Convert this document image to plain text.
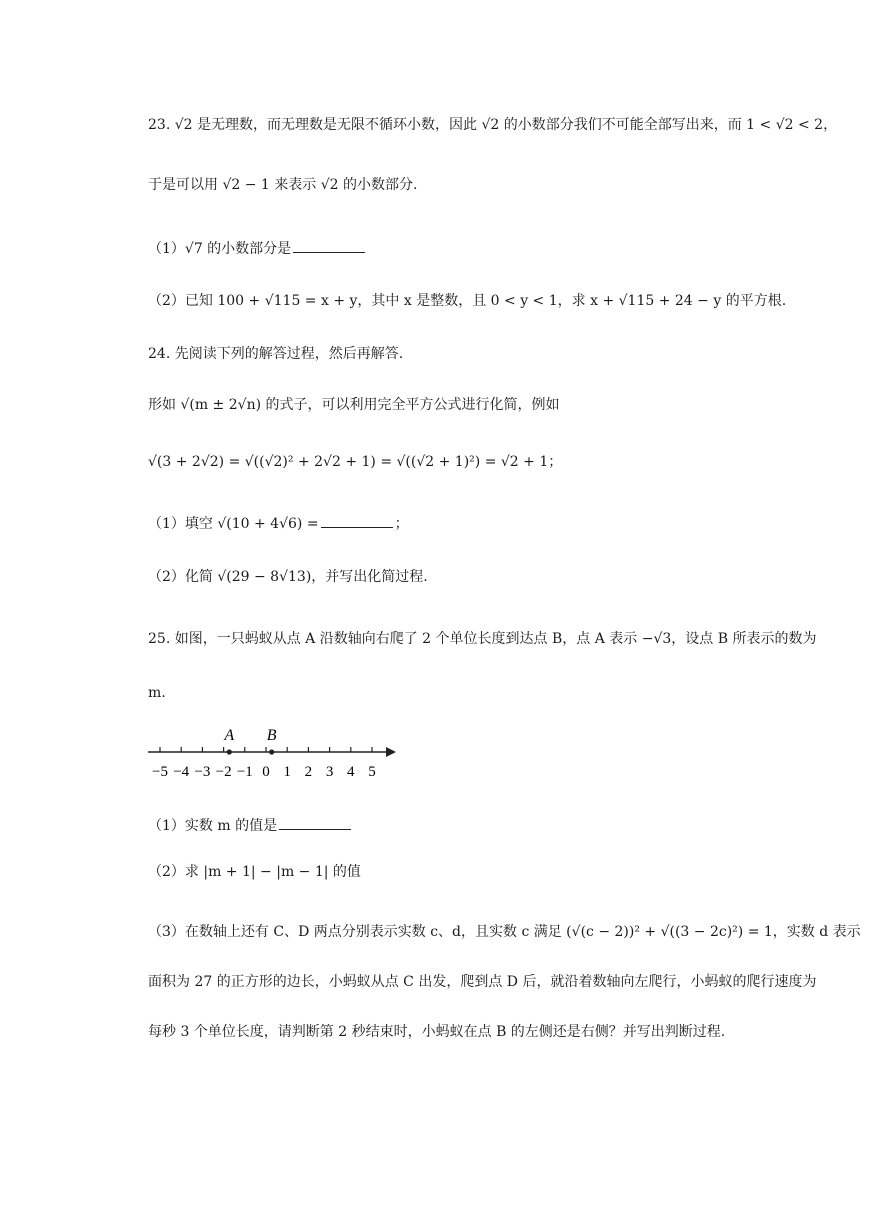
23. √2 是无理数，而无理数是无限不循环小数，因此 √2 的小数部分我们不可能全部写出来，而 1 < √2 < 2，
于是可以用 √2 − 1 来表示 √2 的小数部分.
（1）√7 的小数部分是
（2）已知 100 + √115 = x + y，其中 x 是整数，且 0 < y < 1，求 x + √115 + 24 − y 的平方根.
24. 先阅读下列的解答过程，然后再解答.
形如 √(m ± 2√n) 的式子，可以利用完全平方公式进行化简，例如
√(3 + 2√2) = √((√2)² + 2√2 + 1) = √((√2 + 1)²) = √2 + 1；
（1）填空 √(10 + 4√6) =	；
（2）化简 √(29 − 8√13)，并写出化简过程.
25. 如图，一只蚂蚁从点 A 沿数轴向右爬了 2 个单位长度到达点 B，点 A 表示 −√3，设点 B 所表示的数为
m.
−5 −4 −3 −2 −1 0 1 2 3 4 5
A B
（1）实数 m 的值是
（2）求 |m + 1| − |m − 1| 的值
（3）在数轴上还有 C、D 两点分别表示实数 c、d，且实数 c 满足 (√(c − 2))² + √((3 − 2c)²) = 1，实数 d 表示
面积为 27 的正方形的边长，小蚂蚁从点 C 出发，爬到点 D 后，就沿着数轴向左爬行，小蚂蚁的爬行速度为
每秒 3 个单位长度，请判断第 2 秒结束时，小蚂蚁在点 B 的左侧还是右侧？并写出判断过程.
